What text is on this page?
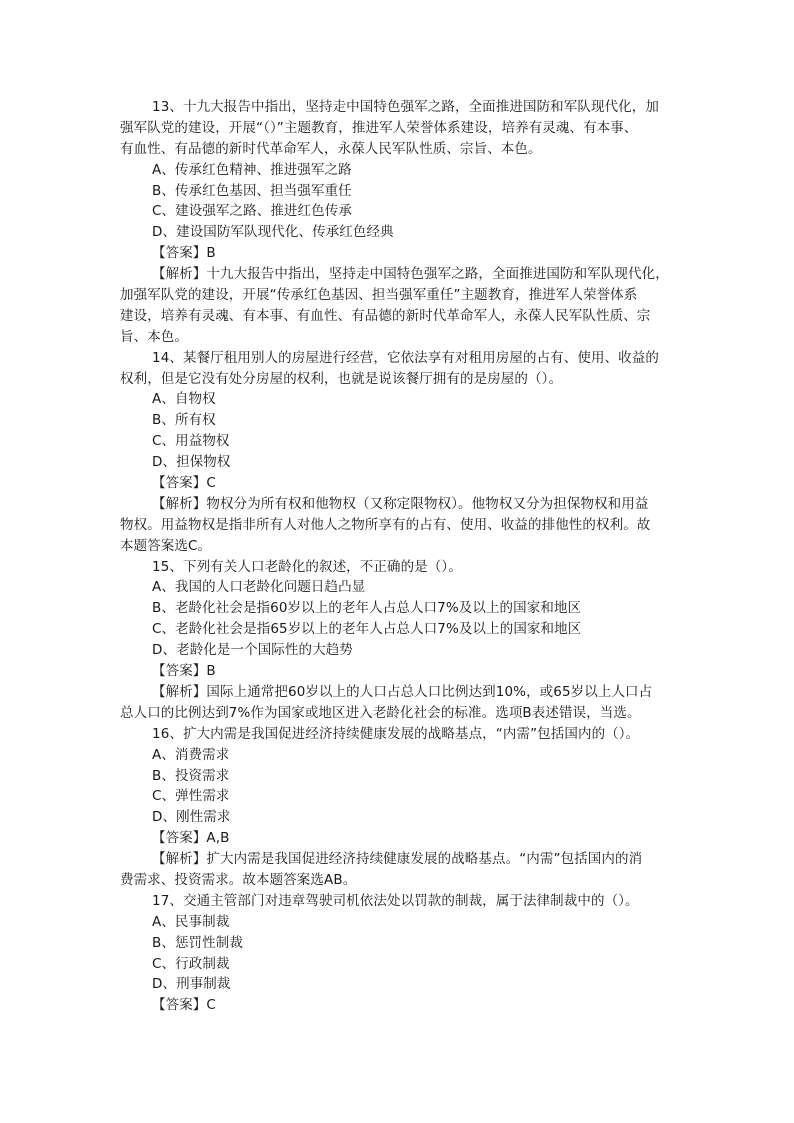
13、十九大报告中指出，坚持走中国特色强军之路，全面推进国防和军队现代化，加
强军队党的建设，开展“（）”主题教育，推进军人荣誉体系建设，培养有灵魂、有本事、
有血性、有品德的新时代革命军人，永葆人民军队性质、宗旨、本色。
A、传承红色精神、推进强军之路
B、传承红色基因、担当强军重任
C、建设强军之路、推进红色传承
D、建设国防军队现代化、传承红色经典
【答案】B
【解析】十九大报告中指出，坚持走中国特色强军之路，全面推进国防和军队现代化，
加强军队党的建设，开展“传承红色基因、担当强军重任”主题教育，推进军人荣誉体系
建设，培养有灵魂、有本事、有血性、有品德的新时代革命军人，永葆人民军队性质、宗
旨、本色。
14、某餐厅租用别人的房屋进行经营，它依法享有对租用房屋的占有、使用、收益的
权利，但是它没有处分房屋的权利，也就是说该餐厅拥有的是房屋的（）。
A、自物权
B、所有权
C、用益物权
D、担保物权
【答案】C
【解析】物权分为所有权和他物权（又称定限物权）。他物权又分为担保物权和用益
物权。用益物权是指非所有人对他人之物所享有的占有、使用、收益的排他性的权利。故
本题答案选C。
15、下列有关人口老龄化的叙述，不正确的是（）。
A、我国的人口老龄化问题日趋凸显
B、老龄化社会是指60岁以上的老年人占总人口7%及以上的国家和地区
C、老龄化社会是指65岁以上的老年人占总人口7%及以上的国家和地区
D、老龄化是一个国际性的大趋势
【答案】B
【解析】国际上通常把60岁以上的人口占总人口比例达到10%，或65岁以上人口占
总人口的比例达到7%作为国家或地区进入老龄化社会的标准。选项B表述错误，当选。
16、扩大内需是我国促进经济持续健康发展的战略基点，“内需”包括国内的（）。
A、消费需求
B、投资需求
C、弹性需求
D、刚性需求
【答案】A,B
【解析】扩大内需是我国促进经济持续健康发展的战略基点。“内需”包括国内的消
费需求、投资需求。故本题答案选AB。
17、交通主管部门对违章驾驶司机依法处以罚款的制裁，属于法律制裁中的（）。
A、民事制裁
B、惩罚性制裁
C、行政制裁
D、刑事制裁
【答案】C
